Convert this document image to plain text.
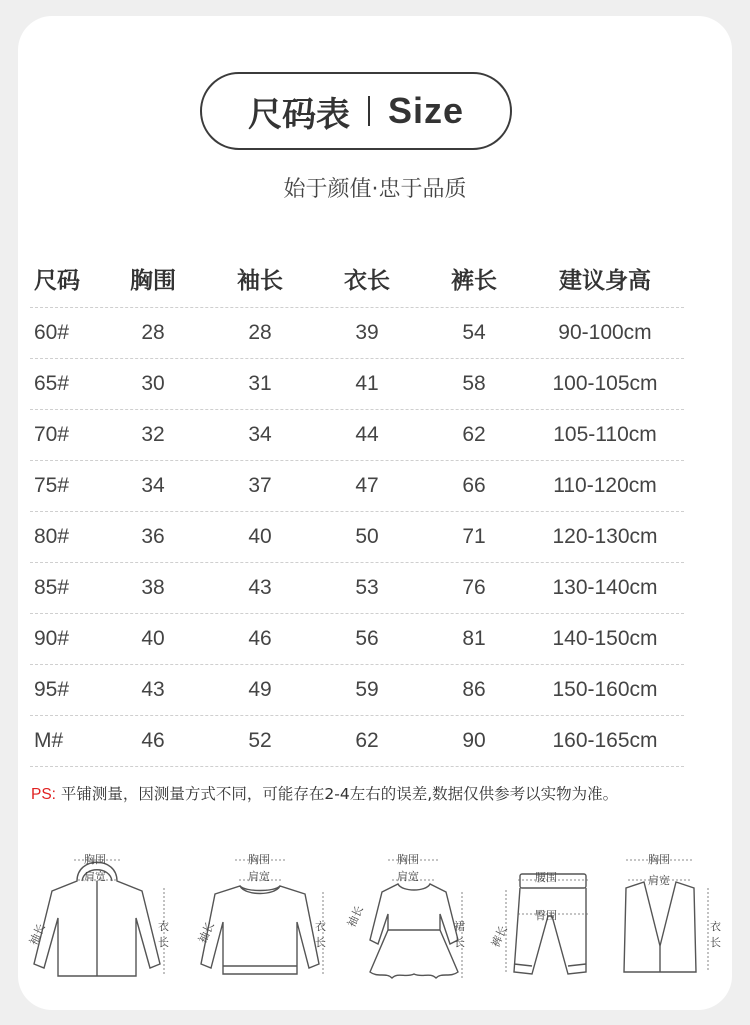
尺码表 Size
始于颜值·忠于品质
尺码	胸围	袖长	衣长	裤长	建议身高
60#	28	28	39	54	90-100cm
65#	30	31	41	58	100-105cm
70#	32	34	44	62	105-110cm
75#	34	37	47	66	110-120cm
80#	36	40	50	71	120-130cm
85#	38	43	53	76	130-140cm
90#	40	46	56	81	140-150cm
95#	43	49	59	86	150-160cm
M#	46	52	62	90	160-165cm
PS: 平铺测量，因测量方式不同，可能存在2-4左右的误差,数据仅供参考以实物为准。
胸围
肩宽
袖长	衣
长
胸围
肩宽
袖长	衣
长
胸围
肩宽
袖长	裙
长
腰围
臀围
裤长
胸围
肩宽
衣
长
